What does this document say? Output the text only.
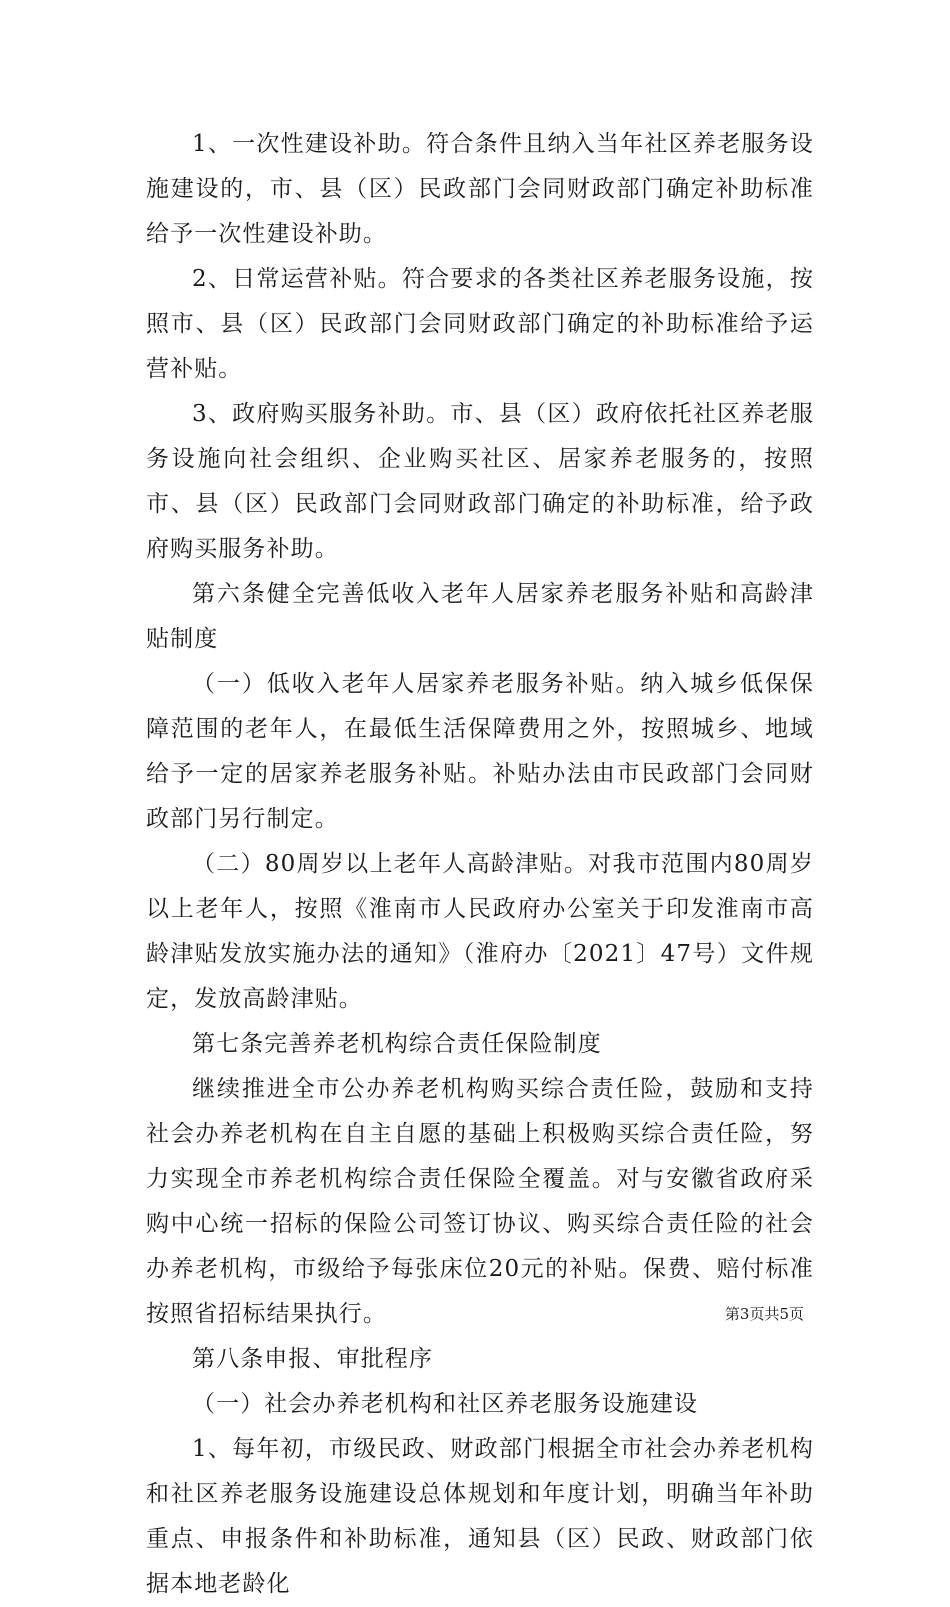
1、一次性建设补助。符合条件且纳入当年社区养老服务设施建设的，市、县（区）民政部门会同财政部门确定补助标准给予一次性建设补助。

2、日常运营补贴。符合要求的各类社区养老服务设施，按照市、县（区）民政部门会同财政部门确定的补助标准给予运营补贴。

3、政府购买服务补助。市、县（区）政府依托社区养老服务设施向社会组织、企业购买社区、居家养老服务的，按照市、县（区）民政部门会同财政部门确定的补助标准，给予政府购买服务补助。

第六条健全完善低收入老年人居家养老服务补贴和高龄津贴制度

（一）低收入老年人居家养老服务补贴。纳入城乡低保保障范围的老年人，在最低生活保障费用之外，按照城乡、地域给予一定的居家养老服务补贴。补贴办法由市民政部门会同财政部门另行制定。

（二）80周岁以上老年人高龄津贴。对我市范围内80周岁以上老年人，按照《淮南市人民政府办公室关于印发淮南市高龄津贴发放实施办法的通知》（淮府办〔2021〕47号）文件规定，发放高龄津贴。

第七条完善养老机构综合责任保险制度

继续推进全市公办养老机构购买综合责任险，鼓励和支持社会办养老机构在自主自愿的基础上积极购买综合责任险，努力实现全市养老机构综合责任保险全覆盖。对与安徽省政府采购中心统一招标的保险公司签订协议、购买综合责任险的社会办养老机构，市级给予每张床位20元的补贴。保费、赔付标准按照省招标结果执行。

第八条申报、审批程序

（一）社会办养老机构和社区养老服务设施建设

1、每年初，市级民政、财政部门根据全市社会办养老机构和社区养老服务设施建设总体规划和年度计划，明确当年补助重点、申报条件和补助标准，通知县（区）民政、财政部门依据本地老龄化

第3页共5页
